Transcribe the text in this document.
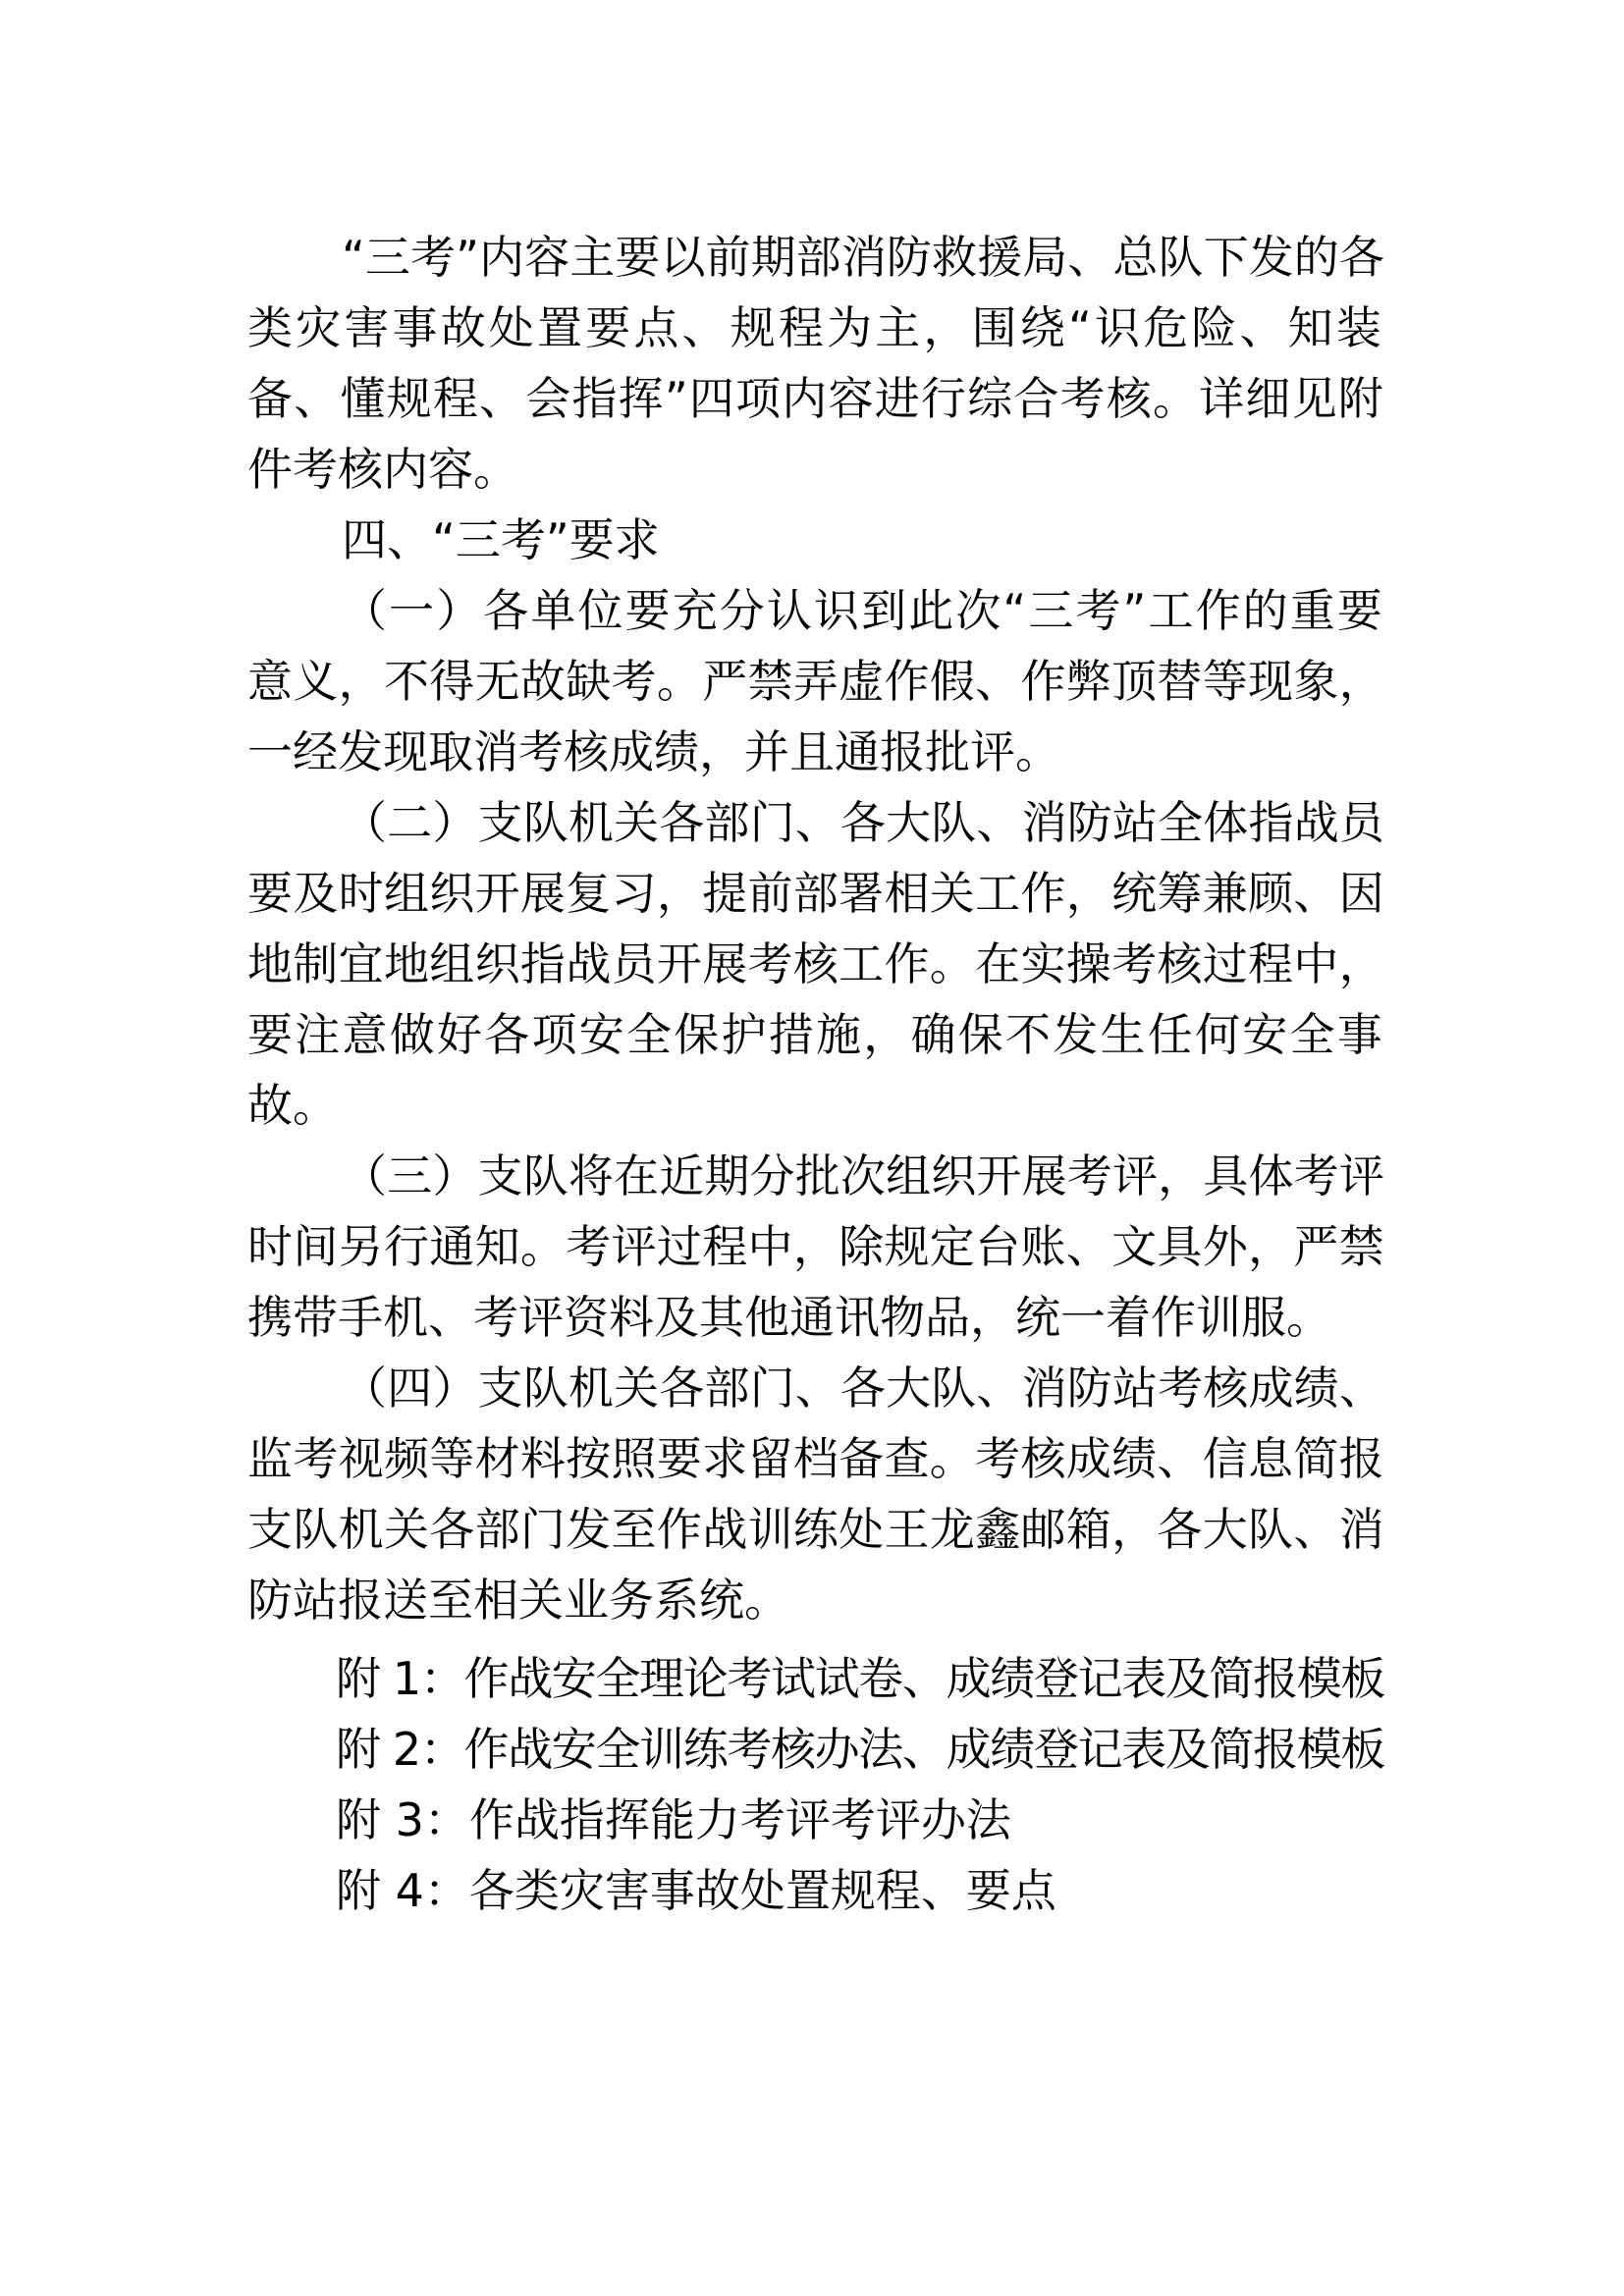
“三考”内容主要以前期部消防救援局、总队下发的各
类灾害事故处置要点、规程为主，围绕“识危险、知装
备、懂规程、会指挥”四项内容进行综合考核。详细见附
件考核内容。
四、“三考”要求
（一）各单位要充分认识到此次“三考”工作的重要
意义，不得无故缺考。严禁弄虚作假、作弊顶替等现象，
一经发现取消考核成绩，并且通报批评。
（二）支队机关各部门、各大队、消防站全体指战员
要及时组织开展复习，提前部署相关工作，统筹兼顾、因
地制宜地组织指战员开展考核工作。在实操考核过程中，
要注意做好各项安全保护措施，确保不发生任何安全事
故。
（三）支队将在近期分批次组织开展考评，具体考评
时间另行通知。考评过程中，除规定台账、文具外，严禁
携带手机、考评资料及其他通讯物品，统一着作训服。
（四）支队机关各部门、各大队、消防站考核成绩、
监考视频等材料按照要求留档备查。考核成绩、信息简报
支队机关各部门发至作战训练处王龙鑫邮箱，各大队、消
防站报送至相关业务系统。
附 1：作战安全理论考试试卷、成绩登记表及简报模板
附 2：作战安全训练考核办法、成绩登记表及简报模板
附 3：作战指挥能力考评考评办法
附 4：各类灾害事故处置规程、要点
